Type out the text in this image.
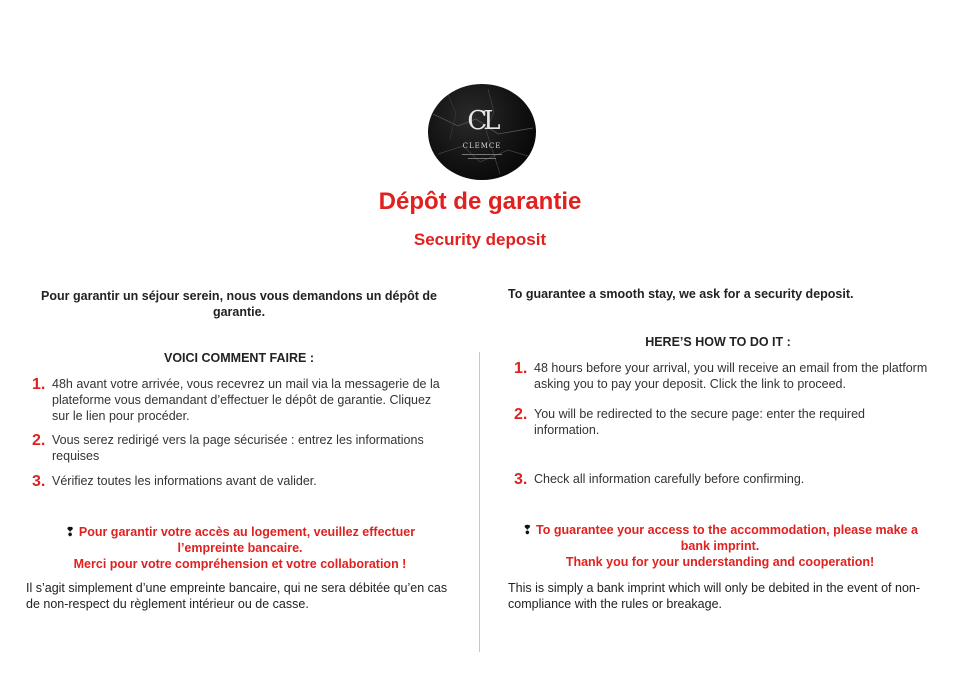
CL
CLEMCE
Dépôt de garantie
Security deposit
Pour garantir un séjour serein, nous vous demandons un dépôt de garantie.
VOICI COMMENT FAIRE :
1. 48h avant votre arrivée, vous recevrez un mail via la messagerie de la plateforme vous demandant d’effectuer le dépôt de garantie. Cliquez sur le lien pour procéder.
2. Vous serez redirigé vers la page sécurisée : entrez les informations requises
3. Vérifiez toutes les informations avant de valider.
❢ Pour garantir votre accès au logement, veuillez effectuer l’empreinte bancaire.
Merci pour votre compréhension et votre collaboration !
Il s’agit simplement d’une empreinte bancaire, qui ne sera débitée qu’en cas de non-respect du règlement intérieur ou de casse.
To guarantee a smooth stay, we ask for a security deposit.
HERE’S HOW TO DO IT :
1. 48 hours before your arrival, you will receive an email from the platform asking you to pay your deposit. Click the link to proceed.
2. You will be redirected to the secure page: enter the required information.
3. Check all information carefully before confirming.
❢ To guarantee your access to the accommodation, please make a bank imprint.
Thank you for your understanding and cooperation!
This is simply a bank imprint which will only be debited in the event of non-compliance with the rules or breakage.
